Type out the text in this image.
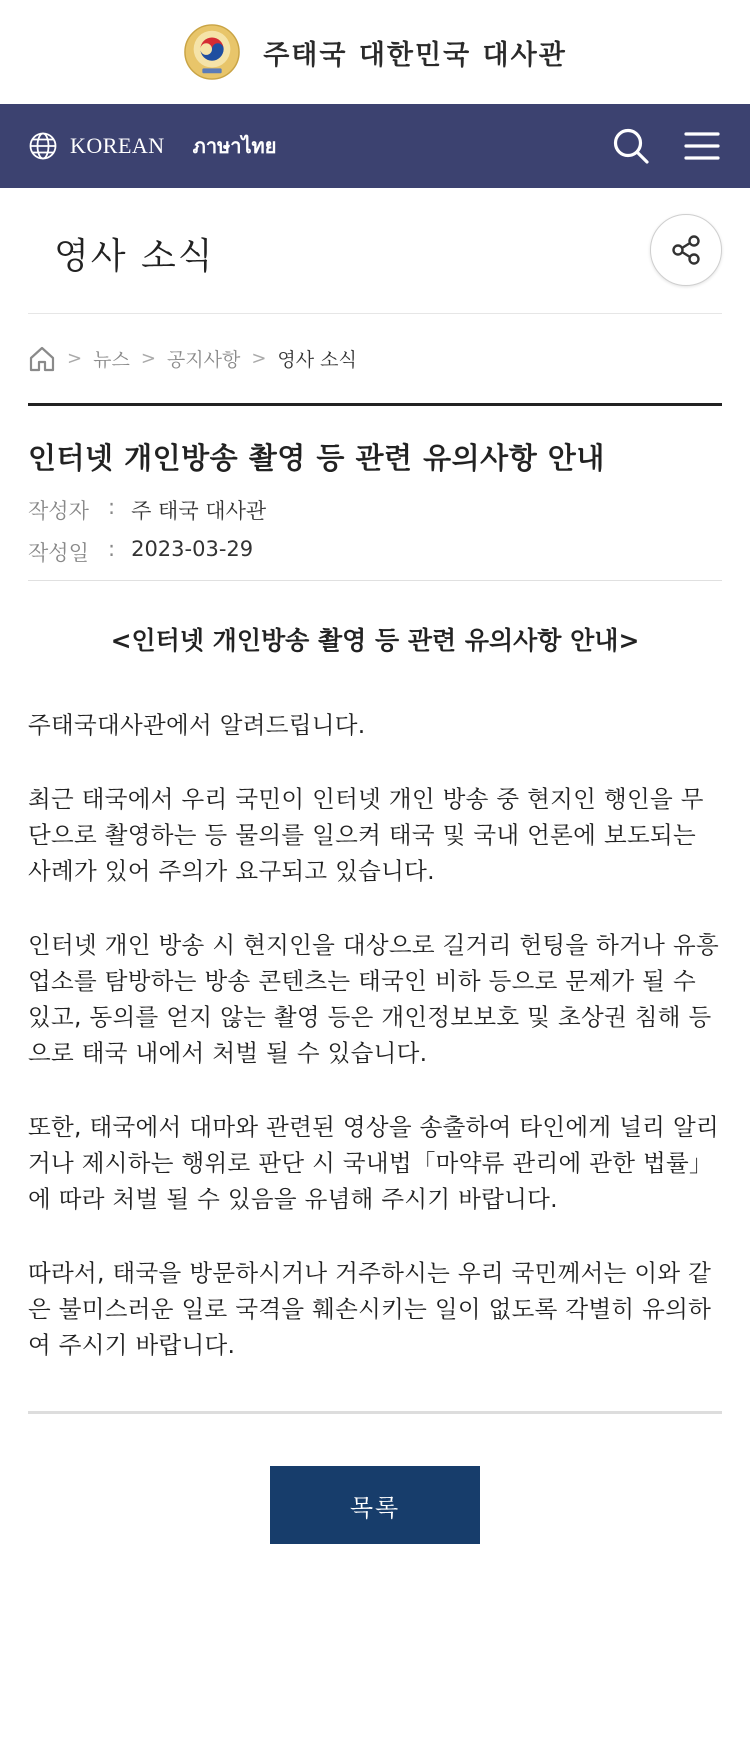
주태국 대한민국 대사관
KOREAN ภาษาไทย
영사 소식
> 뉴스 > 공지사항 > 영사 소식
인터넷 개인방송 촬영 등 관련 유의사항 안내
작성자 : 주 태국 대사관
작성일 : 2023-03-29
<인터넷 개인방송 촬영 등 관련 유의사항 안내>

주태국대사관에서 알려드립니다.

최근 태국에서 우리 국민이 인터넷 개인 방송 중 현지인 행인을 무단으로 촬영하는 등 물의를 일으켜 태국 및 국내 언론에 보도되는 사례가 있어 주의가 요구되고 있습니다.

인터넷 개인 방송 시 현지인을 대상으로 길거리 헌팅을 하거나 유흥업소를 탐방하는 방송 콘텐츠는 태국인 비하 등으로 문제가 될 수 있고, 동의를 얻지 않는 촬영 등은 개인정보보호 및 초상권 침해 등으로 태국 내에서 처벌 될 수 있습니다.

또한, 태국에서 대마와 관련된 영상을 송출하여 타인에게 널리 알리거나 제시하는 행위로 판단 시 국내법「마약류 관리에 관한 법률」에 따라 처벌 될 수 있음을 유념해 주시기 바랍니다.

따라서, 태국을 방문하시거나 거주하시는 우리 국민께서는 이와 같은 불미스러운 일로 국격을 훼손시키는 일이 없도록 각별히 유의하여 주시기 바랍니다.

목록
